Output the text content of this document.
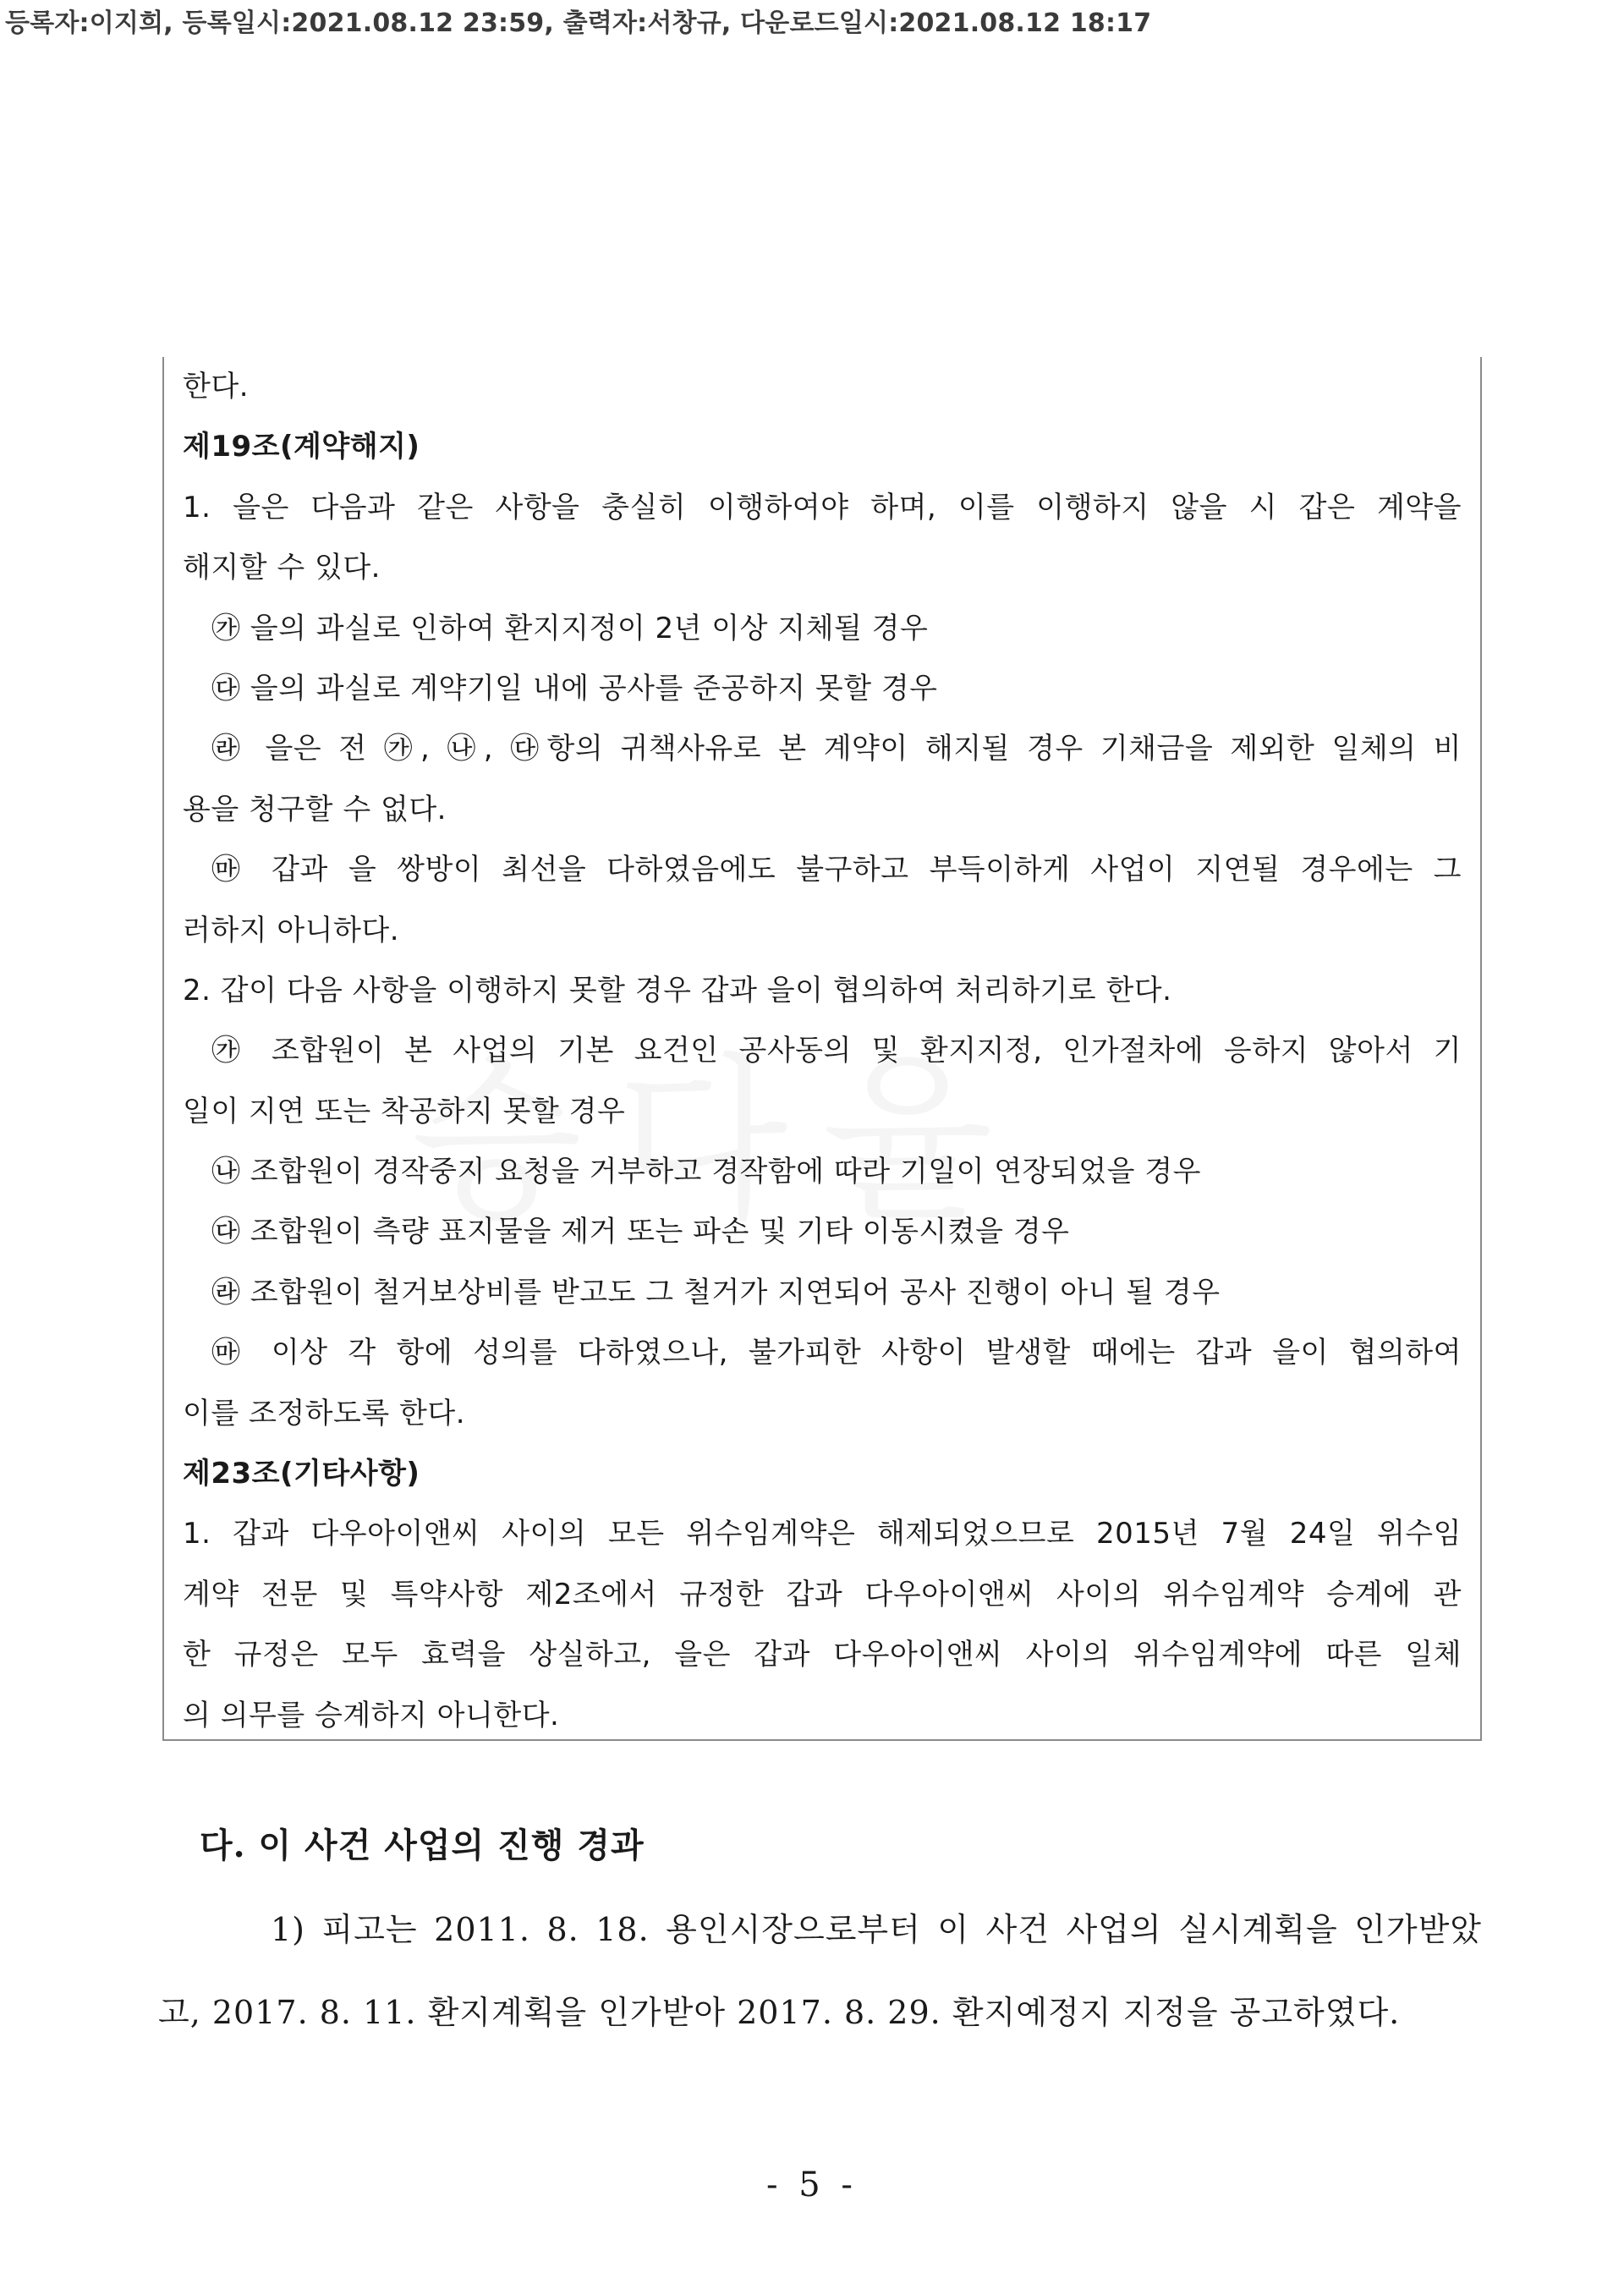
등록자:이지희, 등록일시:2021.08.12 23:59, 출력자:서창규, 다운로드일시:2021.08.12 18:17
한다.
제19조(계약해지)
1. 을은 다음과 같은 사항을 충실히 이행하여야 하며, 이를 이행하지 않을 시 갑은 계약을
해지할 수 있다.
㉮ 을의 과실로 인하여 환지지정이 2년 이상 지체될 경우
㉰ 을의 과실로 계약기일 내에 공사를 준공하지 못할 경우
㉱ 을은 전 ㉮, ㉯, ㉰항의 귀책사유로 본 계약이 해지될 경우 기채금을 제외한 일체의 비
용을 청구할 수 없다.
㉲ 갑과 을 쌍방이 최선을 다하였음에도 불구하고 부득이하게 사업이 지연될 경우에는 그
러하지 아니하다.
2. 갑이 다음 사항을 이행하지 못할 경우 갑과 을이 협의하여 처리하기로 한다.
㉮ 조합원이 본 사업의 기본 요건인 공사동의 및 환지지정, 인가절차에 응하지 않아서 기
일이 지연 또는 착공하지 못할 경우
㉯ 조합원이 경작중지 요청을 거부하고 경작함에 따라 기일이 연장되었을 경우
㉰ 조합원이 측량 표지물을 제거 또는 파손 및 기타 이동시켰을 경우
㉱ 조합원이 철거보상비를 받고도 그 철거가 지연되어 공사 진행이 아니 될 경우
㉲ 이상 각 항에 성의를 다하였으나, 불가피한 사항이 발생할 때에는 갑과 을이 협의하여
이를 조정하도록 한다.
제23조(기타사항)
1. 갑과 다우아이앤씨 사이의 모든 위수임계약은 해제되었으므로 2015년 7월 24일 위수임
계약 전문 및 특약사항 제2조에서 규정한 갑과 다우아이앤씨 사이의 위수임계약 승계에 관
한 규정은 모두 효력을 상실하고, 을은 갑과 다우아이앤씨 사이의 위수임계약에 따른 일체
의 의무를 승계하지 아니한다.
다. 이 사건 사업의 진행 경과
1) 피고는 2011. 8. 18. 용인시장으로부터 이 사건 사업의 실시계획을 인가받았
고, 2017. 8. 11. 환지계획을 인가받아 2017. 8. 29. 환지예정지 지정을 공고하였다.
- 5 -
